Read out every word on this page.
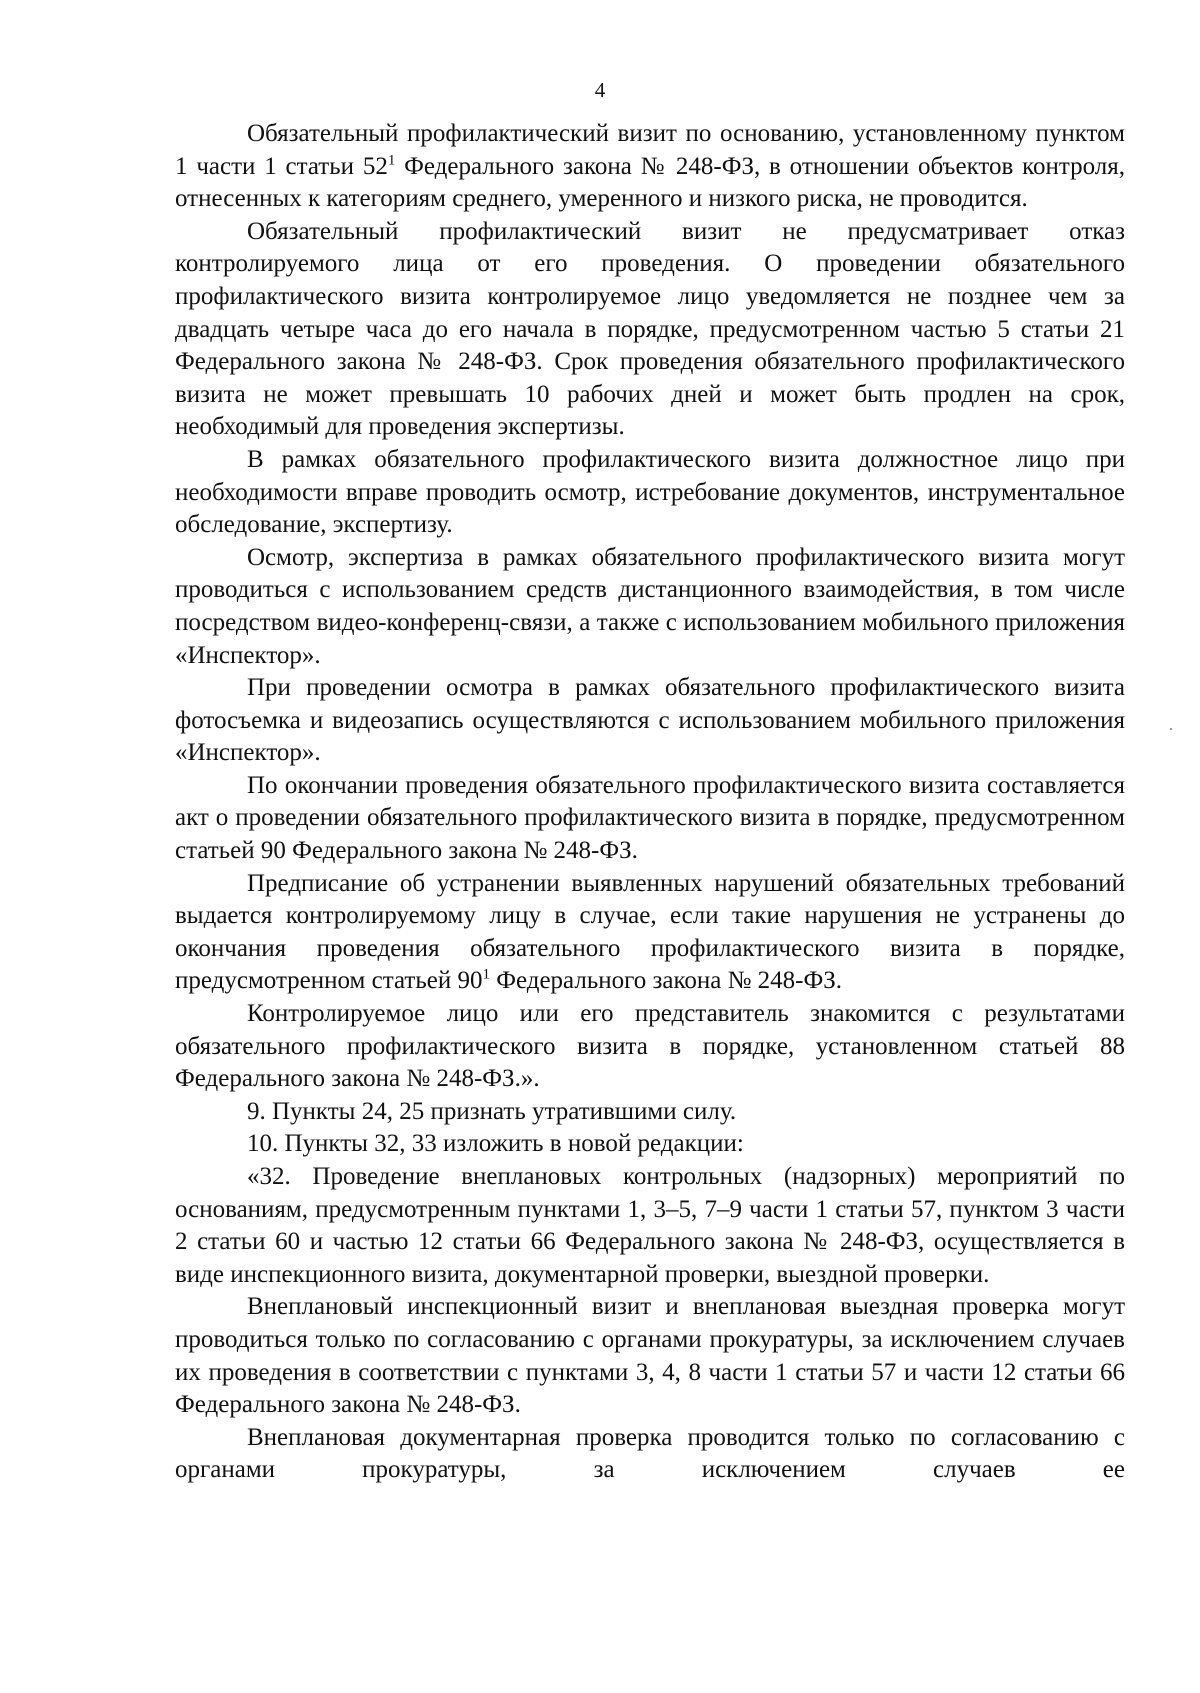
4

Обязательный профилактический визит по основанию, установленному пунктом 1 части 1 статьи $52^1$ Федерального закона № 248-ФЗ, в отношении объектов контроля, отнесенных к категориям среднего, умеренного и низкого риска, не проводится.

Обязательный профилактический визит не предусматривает отказ контролируемого лица от его проведения. О проведении обязательного профилактического визита контролируемое лицо уведомляется не позднее чем за двадцать четыре часа до его начала в порядке, предусмотренном частью 5 статьи 21 Федерального закона № 248-ФЗ. Срок проведения обязательного профилактического визита не может превышать 10 рабочих дней и может быть продлен на срок, необходимый для проведения экспертизы.

В рамках обязательного профилактического визита должностное лицо при необходимости вправе проводить осмотр, истребование документов, инструментальное обследование, экспертизу.

Осмотр, экспертиза в рамках обязательного профилактического визита могут проводиться с использованием средств дистанционного взаимодействия, в том числе посредством видео-конференц-связи, а также с использованием мобильного приложения «Инспектор».

При проведении осмотра в рамках обязательного профилактического визита фотосъемка и видеозапись осуществляются с использованием мобильного приложения «Инспектор».

По окончании проведения обязательного профилактического визита составляется акт о проведении обязательного профилактического визита в порядке, предусмотренном статьей 90 Федерального закона № 248-ФЗ.

Предписание об устранении выявленных нарушений обязательных требований выдается контролируемому лицу в случае, если такие нарушения не устранены до окончания проведения обязательного профилактического визита в порядке, предусмотренном статьей $90^1$ Федерального закона № 248-ФЗ.

Контролируемое лицо или его представитель знакомится с результатами обязательного профилактического визита в порядке, установленном статьей 88 Федерального закона № 248-ФЗ.».

9. Пункты 24, 25 признать утратившими силу.

10. Пункты 32, 33 изложить в новой редакции:

«32. Проведение внеплановых контрольных (надзорных) мероприятий по основаниям, предусмотренным пунктами 1, 3–5, 7–9 части 1 статьи 57, пунктом 3 части 2 статьи 60 и частью 12 статьи 66 Федерального закона № 248-ФЗ, осуществляется в виде инспекционного визита, документарной проверки, выездной проверки.

Внеплановый инспекционный визит и внеплановая выездная проверка могут проводиться только по согласованию с органами прокуратуры, за исключением случаев их проведения в соответствии с пунктами 3, 4, 8 части 1 статьи 57 и части 12 статьи 66 Федерального закона № 248-ФЗ.

Внеплановая документарная проверка проводится только по согласованию с органами прокуратуры, за исключением случаев ее
